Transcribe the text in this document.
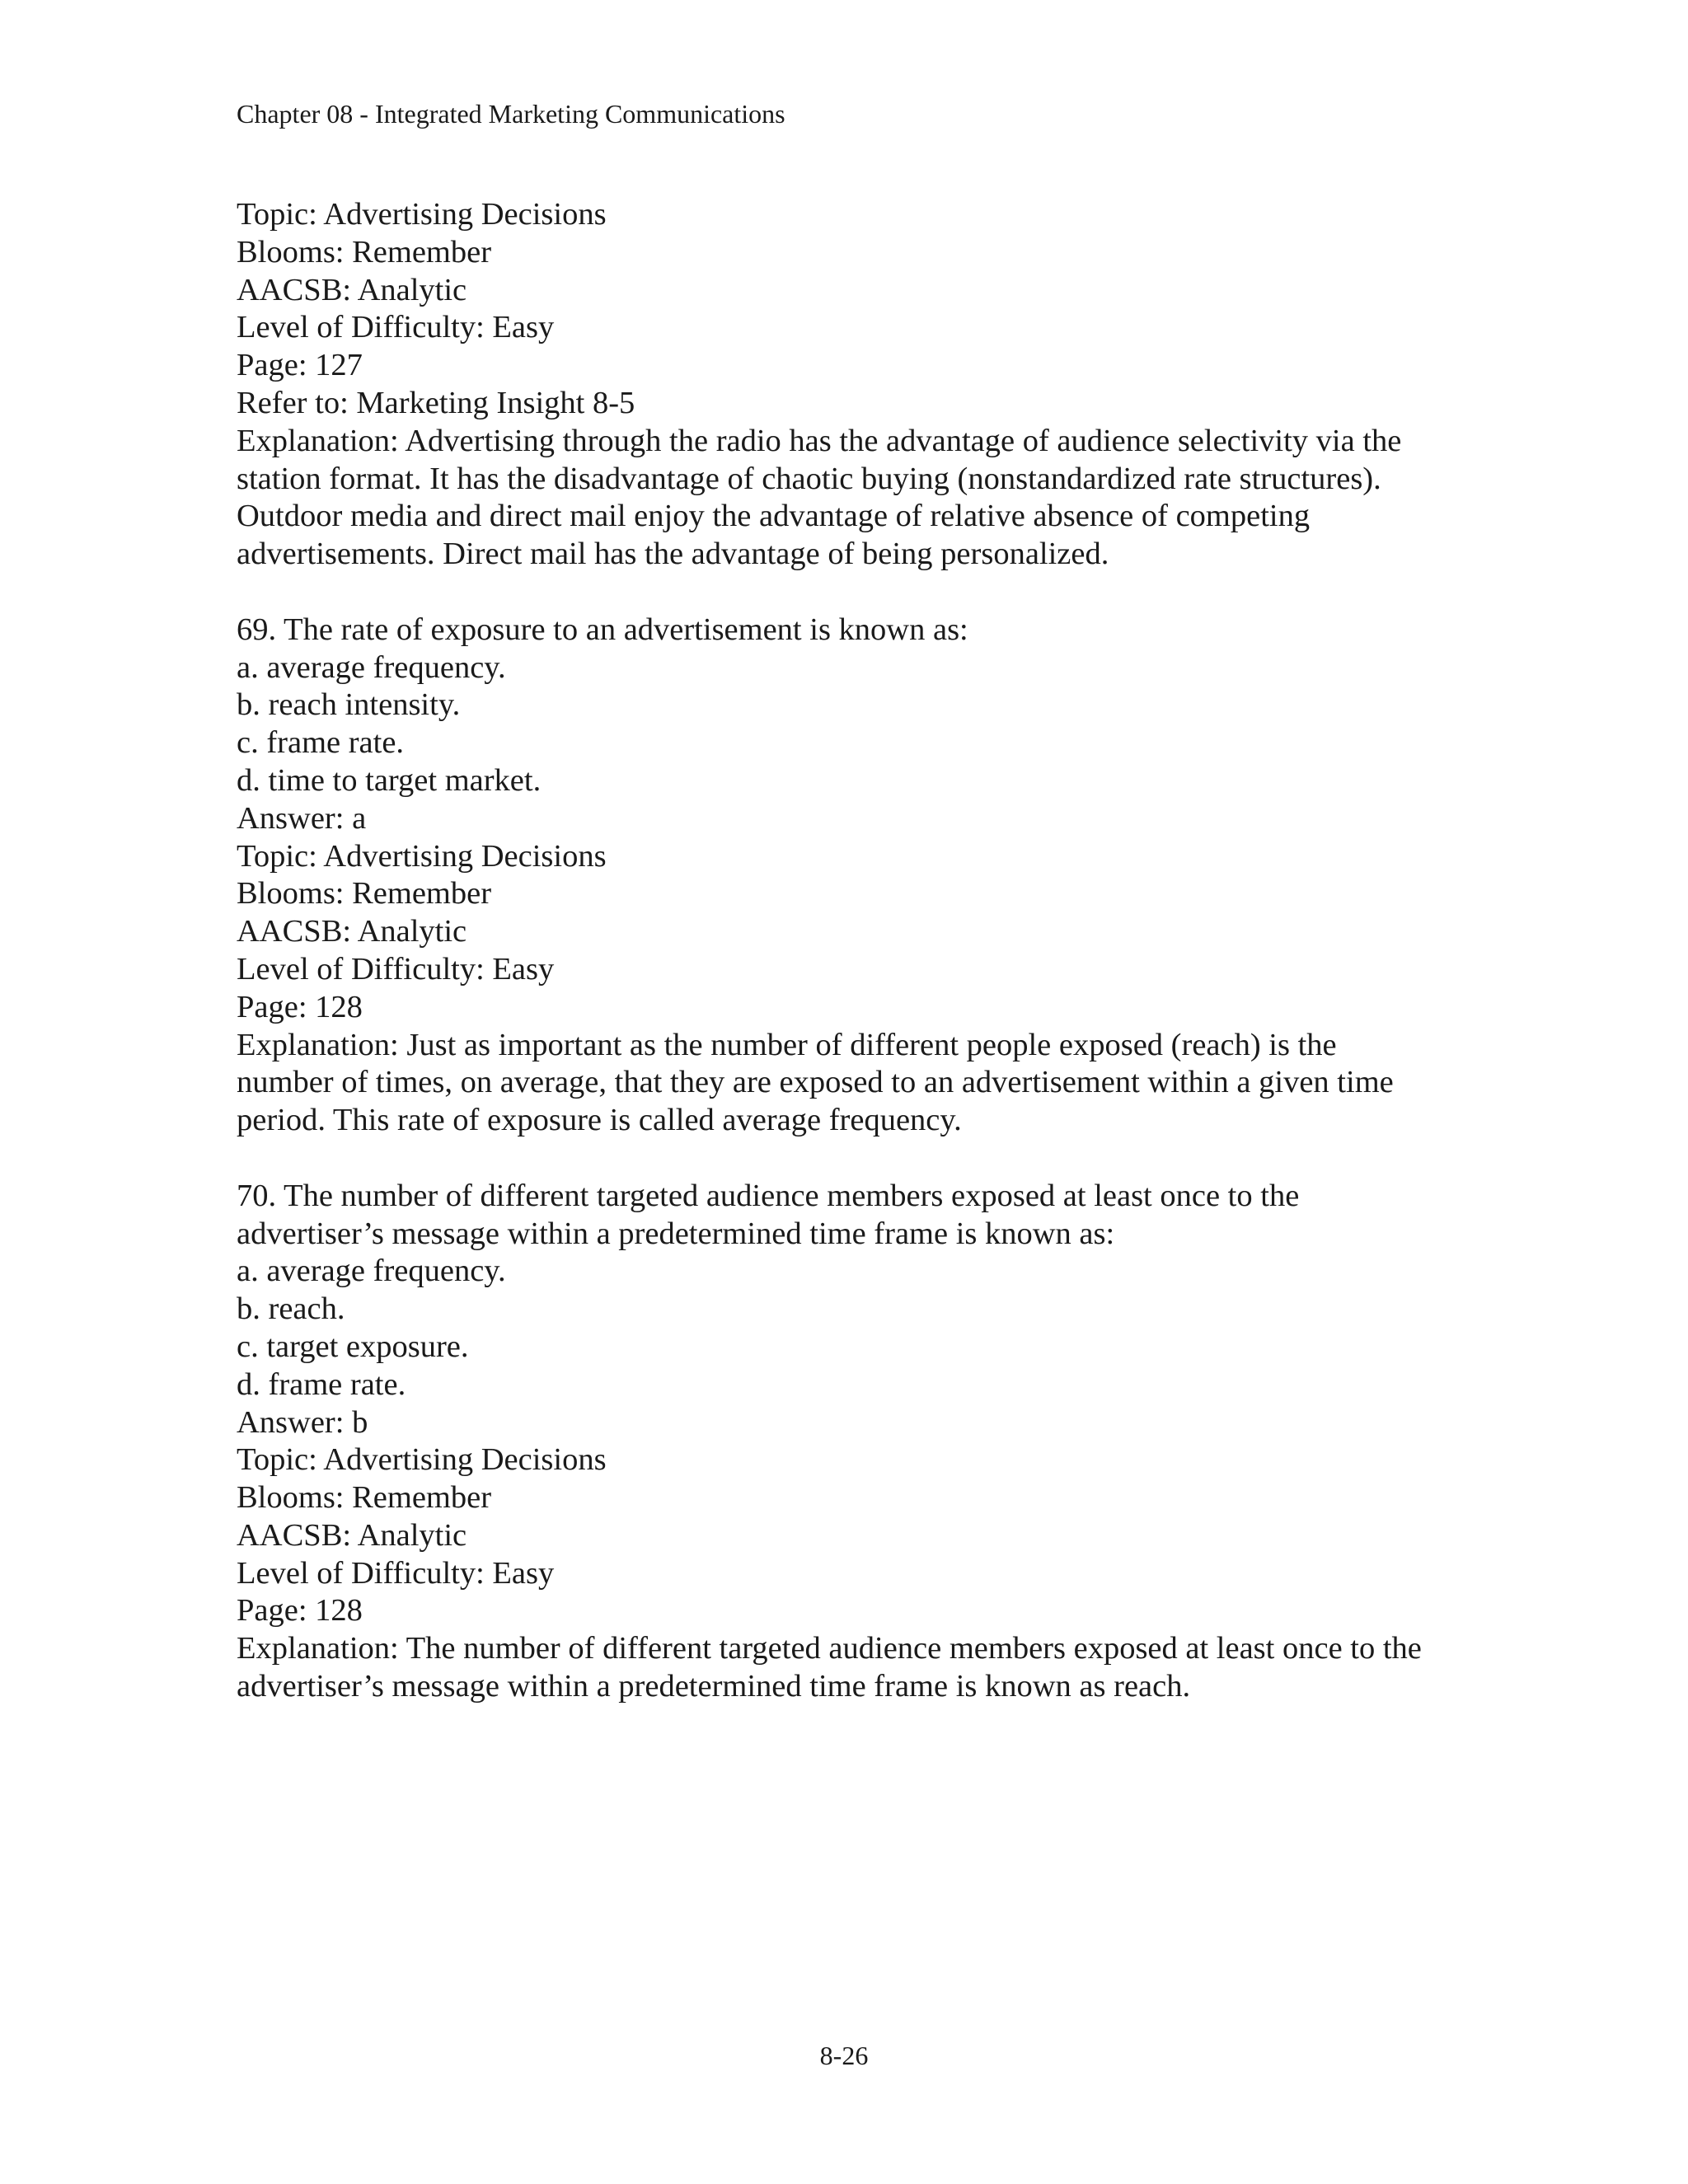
Chapter 08 - Integrated Marketing Communications
Topic: Advertising Decisions
Blooms: Remember
AACSB: Analytic
Level of Difficulty: Easy
Page: 127
Refer to: Marketing Insight 8-5
Explanation: Advertising through the radio has the advantage of audience selectivity via the
station format. It has the disadvantage of chaotic buying (nonstandardized rate structures).
Outdoor media and direct mail enjoy the advantage of relative absence of competing
advertisements. Direct mail has the advantage of being personalized.
69. The rate of exposure to an advertisement is known as:
a. average frequency.
b. reach intensity.
c. frame rate.
d. time to target market.
Answer: a
Topic: Advertising Decisions
Blooms: Remember
AACSB: Analytic
Level of Difficulty: Easy
Page: 128
Explanation: Just as important as the number of different people exposed (reach) is the
number of times, on average, that they are exposed to an advertisement within a given time
period. This rate of exposure is called average frequency.
70. The number of different targeted audience members exposed at least once to the
advertiser’s message within a predetermined time frame is known as:
a. average frequency.
b. reach.
c. target exposure.
d. frame rate.
Answer: b
Topic: Advertising Decisions
Blooms: Remember
AACSB: Analytic
Level of Difficulty: Easy
Page: 128
Explanation: The number of different targeted audience members exposed at least once to the
advertiser’s message within a predetermined time frame is known as reach.
8-26
